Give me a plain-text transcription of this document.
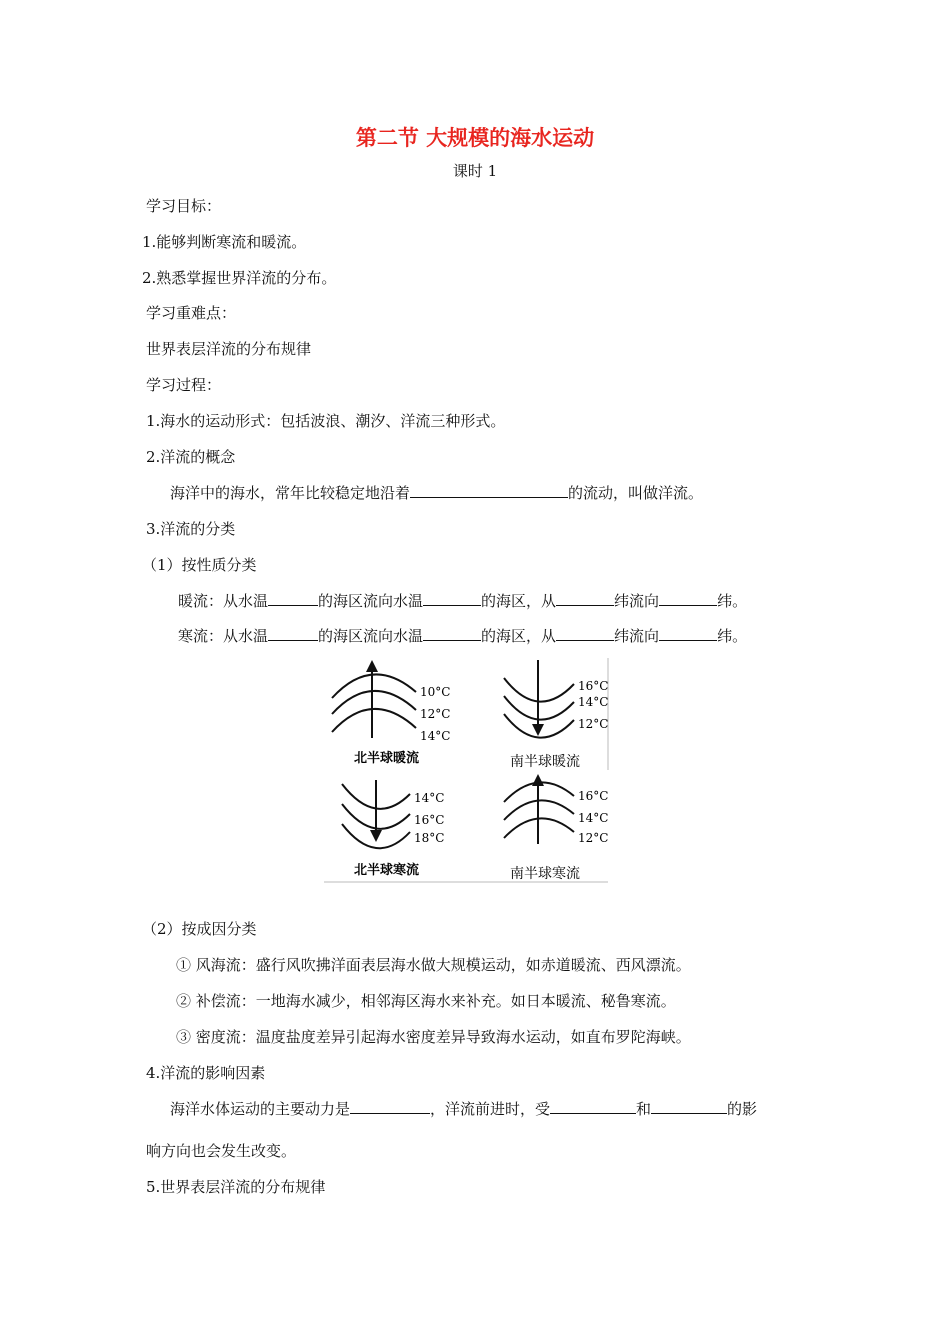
第二节 大规模的海水运动
课时 1
学习目标：
1.能够判断寒流和暖流。
2.熟悉掌握世界洋流的分布。
学习重难点：
世界表层洋流的分布规律
学习过程：
1.海水的运动形式：包括波浪、潮汐、洋流三种形式。
2.洋流的概念
海洋中的海水，常年比较稳定地沿着	的流动，叫做洋流。
3.洋流的分类
（1）按性质分类
暖流：从水温	的海区流向水温	的海区，从	纬流向	纬。
寒流：从水温	的海区流向水温	的海区，从	纬流向	纬。
10°C
12°C
14°C
北半球暖流
16°C
14°C
12°C
南半球暖流
14°C
16°C
18°C
北半球寒流
16°C
14°C
12°C
南半球寒流
（2）按成因分类
① 风海流：盛行风吹拂洋面表层海水做大规模运动，如赤道暖流、西风漂流。
② 补偿流：一地海水减少，相邻海区海水来补充。如日本暖流、秘鲁寒流。
③ 密度流：温度盐度差异引起海水密度差异导致海水运动，如直布罗陀海峡。
4.洋流的影响因素
海洋水体运动的主要动力是	，洋流前进时，受	和	的影
响方向也会发生改变。
5.世界表层洋流的分布规律
